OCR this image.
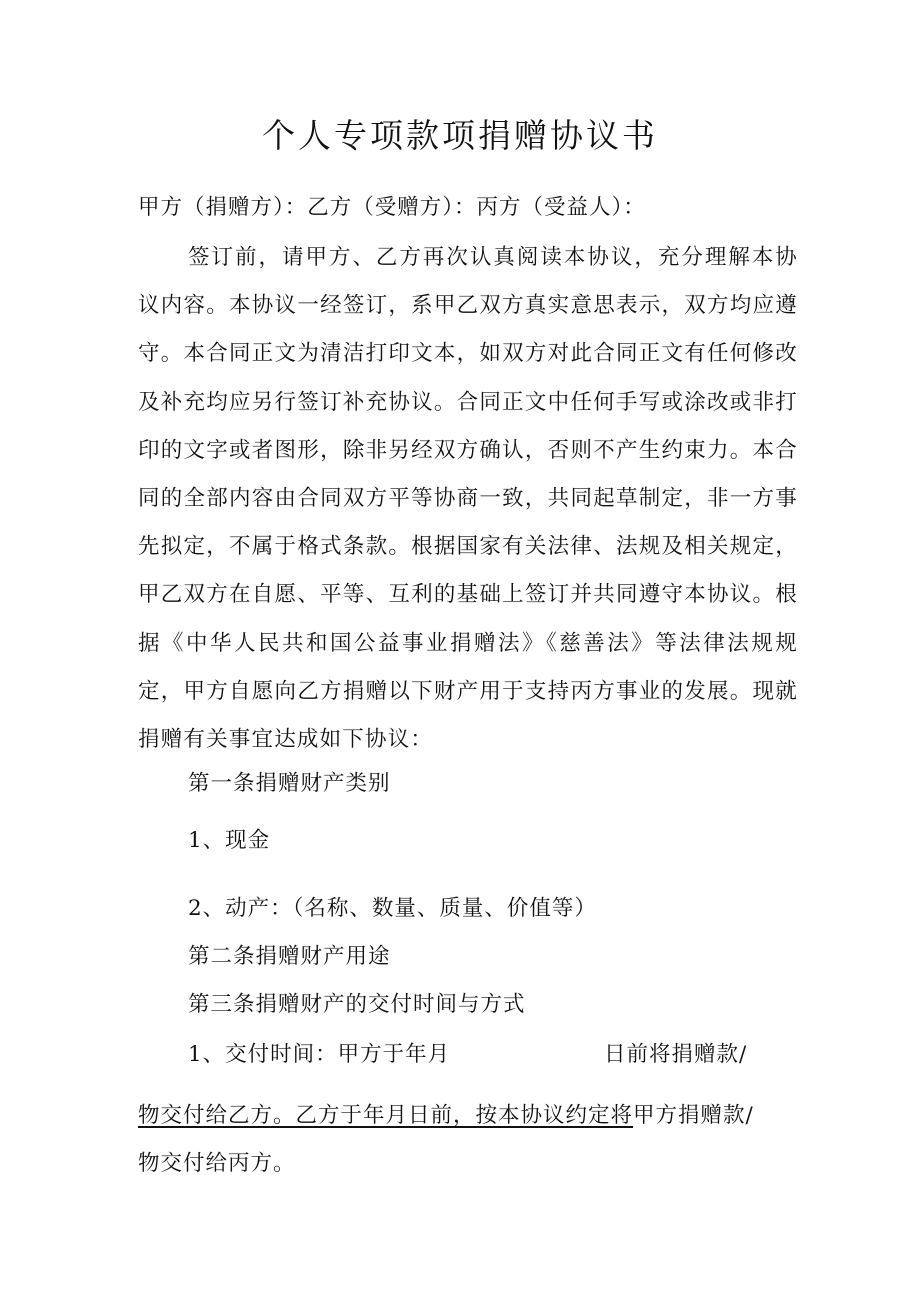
个人专项款项捐赠协议书
甲方（捐赠方）：乙方（受赠方）：丙方（受益人）：

签订前，请甲方、乙方再次认真阅读本协议，充分理解本协议内容。本协议一经签订，系甲乙双方真实意思表示，双方均应遵守。本合同正文为清洁打印文本，如双方对此合同正文有任何修改及补充均应另行签订补充协议。合同正文中任何手写或涂改或非打印的文字或者图形，除非另经双方确认，否则不产生约束力。本合同的全部内容由合同双方平等协商一致，共同起草制定，非一方事先拟定，不属于格式条款。根据国家有关法律、法规及相关规定，甲乙双方在自愿、平等、互利的基础上签订并共同遵守本协议。根据《中华人民共和国公益事业捐赠法》《慈善法》等法律法规规定，甲方自愿向乙方捐赠以下财产用于支持丙方事业的发展。现就捐赠有关事宜达成如下协议：

第一条捐赠财产类别
1、现金
2、动产：（名称、数量、质量、价值等）
第二条捐赠财产用途
第三条捐赠财产的交付时间与方式
1、交付时间：甲方于年月	日前将捐赠款/
物交付给乙方。乙方于年月日前，按本协议约定将甲方捐赠款/
物交付给丙方。
